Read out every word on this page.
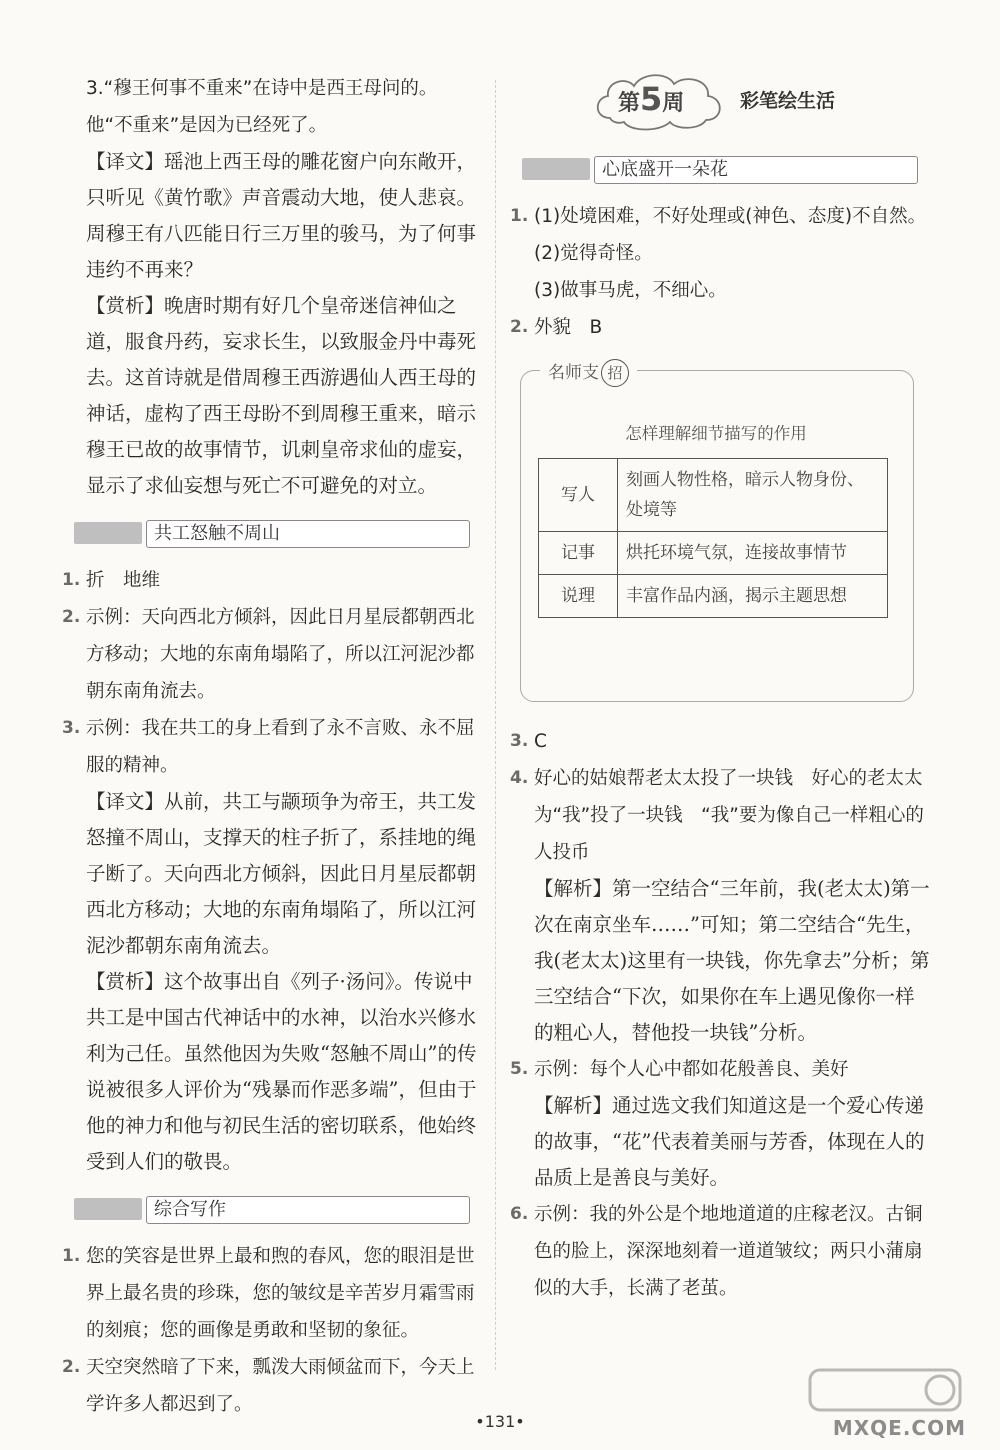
3.“穆王何事不重来”在诗中是西王母问的。他“不重来”是因为已经死了。

【译文】瑶池上西王母的雕花窗户向东敞开，只听见《黄竹歌》声音震动大地，使人悲哀。周穆王有八匹能日行三万里的骏马，为了何事违约不再来？

【赏析】晚唐时期有好几个皇帝迷信神仙之道，服食丹药，妄求长生，以致服金丹中毒死去。这首诗就是借周穆王西游遇仙人西王母的神话，虚构了西王母盼不到周穆王重来，暗示穆王已故的故事情节，讥刺皇帝求仙的虚妄，显示了求仙妄想与死亡不可避免的对立。

共工怒触不周山

1. 折　地维

2. 示例：天向西北方倾斜，因此日月星辰都朝西北方移动；大地的东南角塌陷了，所以江河泥沙都朝东南角流去。

3. 示例：我在共工的身上看到了永不言败、永不屈服的精神。

【译文】从前，共工与颛顼争为帝王，共工发怒撞不周山，支撑天的柱子折了，系挂地的绳子断了。天向西北方倾斜，因此日月星辰都朝西北方移动；大地的东南角塌陷了，所以江河泥沙都朝东南角流去。

【赏析】这个故事出自《列子·汤问》。传说中共工是中国古代神话中的水神，以治水兴修水利为己任。虽然他因为失败“怒触不周山”的传说被很多人评价为“残暴而作恶多端”，但由于他的神力和他与初民生活的密切联系，他始终受到人们的敬畏。

综合写作

1. 您的笑容是世界上最和煦的春风，您的眼泪是世界上最名贵的珍珠，您的皱纹是辛苦岁月霜雪雨的刻痕；您的画像是勇敢和坚韧的象征。

2. 天空突然暗了下来，瓢泼大雨倾盆而下，今天上学许多人都迟到了。

第5周	彩笔绘生活
心底盛开一朵花

1. (1)处境困难，不好处理或(神色、态度)不自然。

(2)觉得奇怪。

(3)做事马虎，不细心。

2. 外貌　B

名师支 招
怎样理解细节描写的作用
写人	刻画人物性格，暗示人物身份、处境等
记事	烘托环境气氛，连接故事情节
说理	丰富作品内涵，揭示主题思想

3. C

4. 好心的姑娘帮老太太投了一块钱　好心的老太太为“我”投了一块钱　“我”要为像自己一样粗心的人投币

【解析】第一空结合“三年前，我(老太太)第一次在南京坐车……”可知；第二空结合“先生，我(老太太)这里有一块钱，你先拿去”分析；第三空结合“下次，如果你在车上遇见像你一样的粗心人，替他投一块钱”分析。

5. 示例：每个人心中都如花般善良、美好

【解析】通过选文我们知道这是一个爱心传递的故事，“花”代表着美丽与芳香，体现在人的品质上是善良与美好。

6. 示例：我的外公是个地地道道的庄稼老汉。古铜色的脸上，深深地刻着一道道皱纹；两只小蒲扇似的大手，长满了老茧。

•131•	MXQE.COM
